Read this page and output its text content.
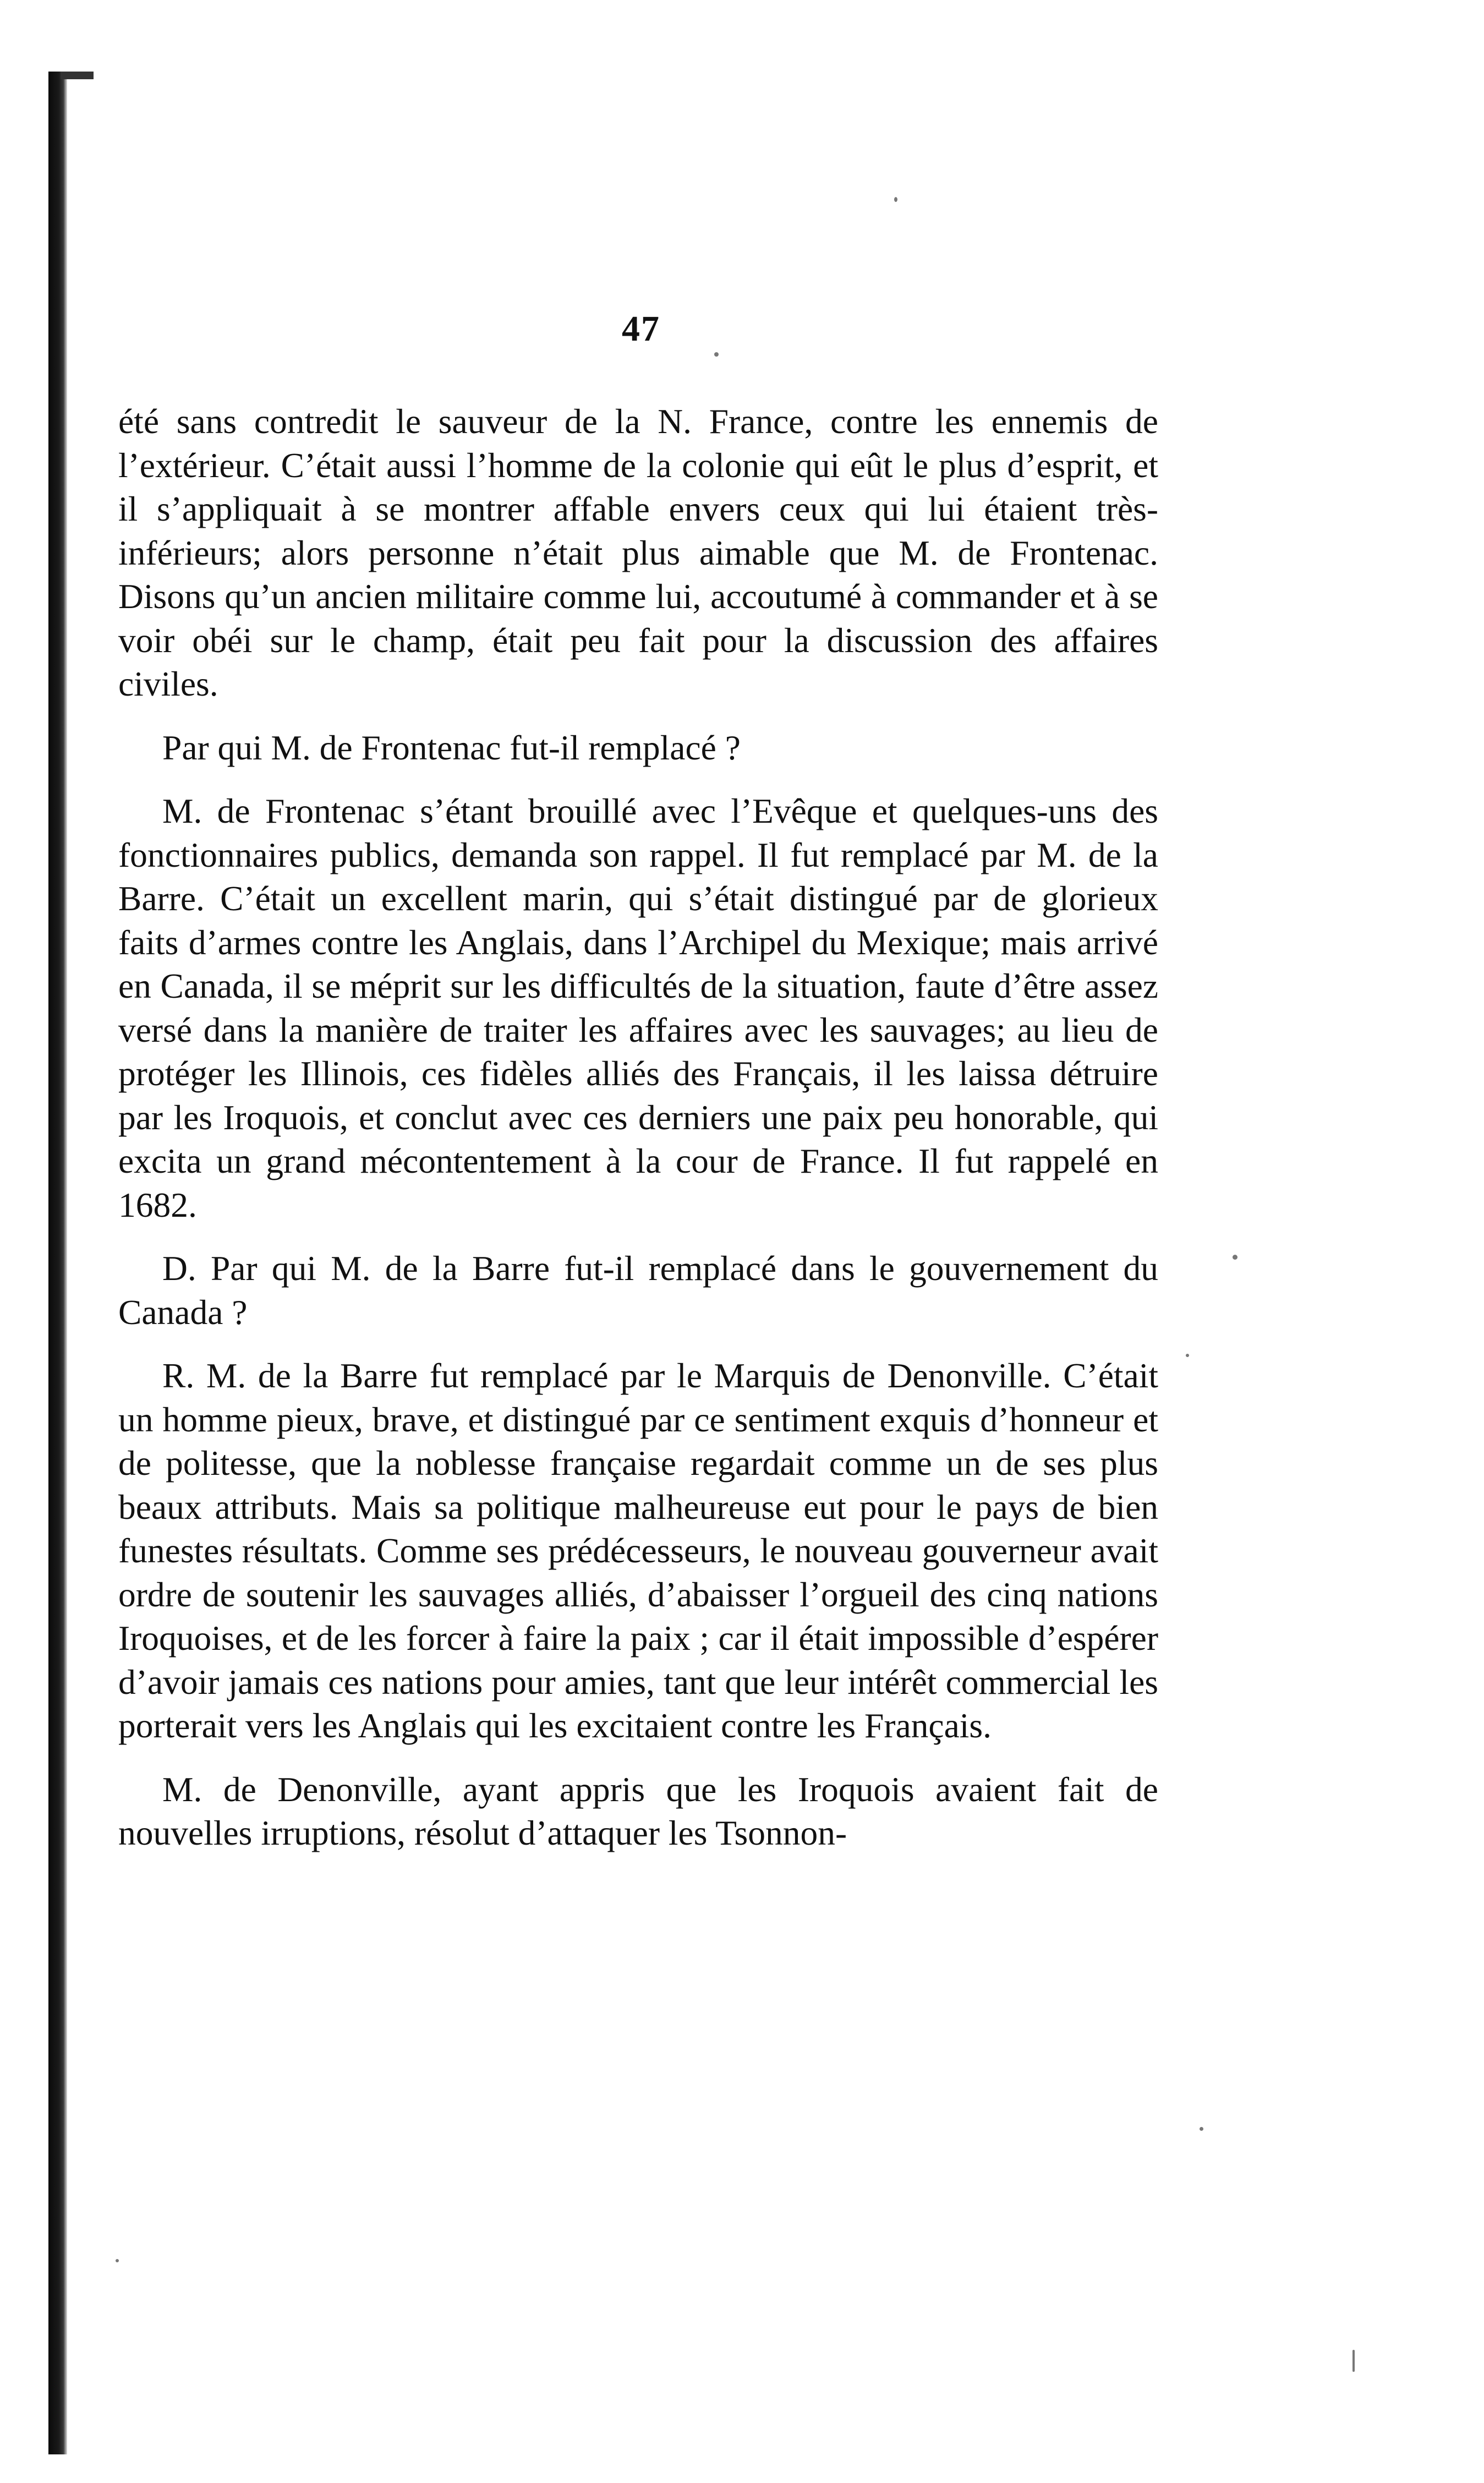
47

été sans contredit le sauveur de la N. France, contre les ennemis de l’extérieur. C’était aussi l’homme de la colonie qui eût le plus d’esprit, et il s’appliquait à se montrer affable envers ceux qui lui étaient très-inférieurs; alors personne n’était plus aimable que M. de Frontenac. Disons qu’un ancien militaire comme lui, accoutumé à commander et à se voir obéi sur le champ, était peu fait pour la discussion des affaires civiles.

Par qui M. de Frontenac fut-il remplacé ?

M. de Frontenac s’étant brouillé avec l’Evêque et quelques-uns des fonctionnaires publics, demanda son rappel. Il fut remplacé par M. de la Barre. C’était un excellent marin, qui s’était distingué par de glorieux faits d’armes contre les Anglais, dans l’Archipel du Mexique; mais arrivé en Canada, il se méprit sur les difficultés de la situation, faute d’être assez versé dans la manière de traiter les affaires avec les sauvages; au lieu de protéger les Illinois, ces fidèles alliés des Français, il les laissa détruire par les Iroquois, et conclut avec ces derniers une paix peu honorable, qui excita un grand mécontentement à la cour de France. Il fut rappelé en 1682.

D. Par qui M. de la Barre fut-il remplacé dans le gouvernement du Canada ?

R. M. de la Barre fut remplacé par le Marquis de Denonville. C’était un homme pieux, brave, et distingué par ce sentiment exquis d’honneur et de politesse, que la noblesse française regardait comme un de ses plus beaux attributs. Mais sa politique malheureuse eut pour le pays de bien funestes résultats. Comme ses prédécesseurs, le nouveau gouverneur avait ordre de soutenir les sauvages alliés, d’abaisser l’orgueil des cinq nations Iroquoises, et de les forcer à faire la paix ; car il était impossible d’espérer d’avoir jamais ces nations pour amies, tant que leur intérêt commercial les porterait vers les Anglais qui les excitaient contre les Français.

M. de Denonville, ayant appris que les Iroquois avaient fait de nouvelles irruptions, résolut d’attaquer les Tsonnon-
